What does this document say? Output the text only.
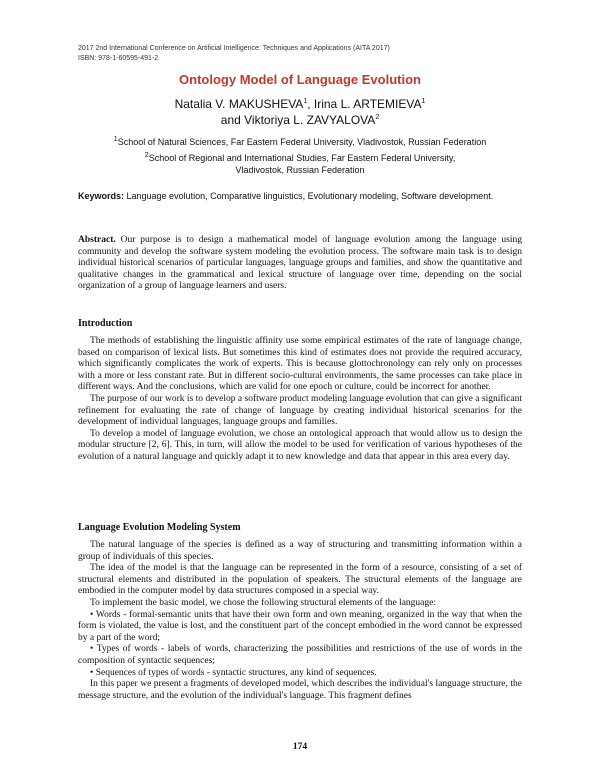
2017 2nd International Conference on Artificial Intelligence: Techniques and Applications (AITA 2017)
ISBN: 978-1-60595-491-2
Ontology Model of Language Evolution
Natalia V. MAKUSHEVA$^1$, Irina L. ARTEMIEVA$^1$
and Viktoriya L. ZAVYALOVA$^2$
$^1$School of Natural Sciences, Far Eastern Federal University, Vladivostok, Russian Federation
$^2$School of Regional and International Studies, Far Eastern Federal University,
Vladivostok, Russian Federation
Keywords: Language evolution, Comparative linguistics, Evolutionary modeling, Software development.
Abstract. Our purpose is to design a mathematical model of language evolution among the language using community and develop the software system modeling the evolution process. The software main task is to design individual historical scenarios of particular languages, language groups and families, and show the quantitative and qualitative changes in the grammatical and lexical structure of language over time, depending on the social organization of a group of language learners and users.
Introduction

The methods of establishing the linguistic affinity use some empirical estimates of the rate of language change, based on comparison of lexical lists. But sometimes this kind of estimates does not provide the required accuracy, which significantly complicates the work of experts. This is because glottochronology can rely only on processes with a more or less constant rate. But in different socio-cultural environments, the same processes can take place in different ways. And the conclusions, which are valid for one epoch or culture, could be incorrect for another.

The purpose of our work is to develop a software product modeling language evolution that can give a significant refinement for evaluating the rate of change of language by creating individual historical scenarios for the development of individual languages, language groups and families.

To develop a model of language evolution, we chose an ontological approach that would allow us to design the modular structure [2, 6]. This, in turn, will allow the model to be used for verification of various hypotheses of the evolution of a natural language and quickly adapt it to new knowledge and data that appear in this area every day.

Language Evolution Modeling System

The natural language of the species is defined as a way of structuring and transmitting information within a group of individuals of this species.

The idea of the model is that the language can be represented in the form of a resource, consisting of a set of structural elements and distributed in the population of speakers. The structural elements of the language are embodied in the computer model by data structures composed in a special way.

To implement the basic model, we chose the following structural elements of the language:

• Words - formal-semantic units that have their own form and own meaning, organized in the way that when the form is violated, the value is lost, and the constituent part of the concept embodied in the word cannot be expressed by a part of the word;

• Types of words - labels of words, characterizing the possibilities and restrictions of the use of words in the composition of syntactic sequences;

• Sequences of types of words - syntactic structures, any kind of sequences.

In this paper we present a fragments of developed model, which describes the individual's language structure, the message structure, and the evolution of the individual's language. This fragment defines

174
